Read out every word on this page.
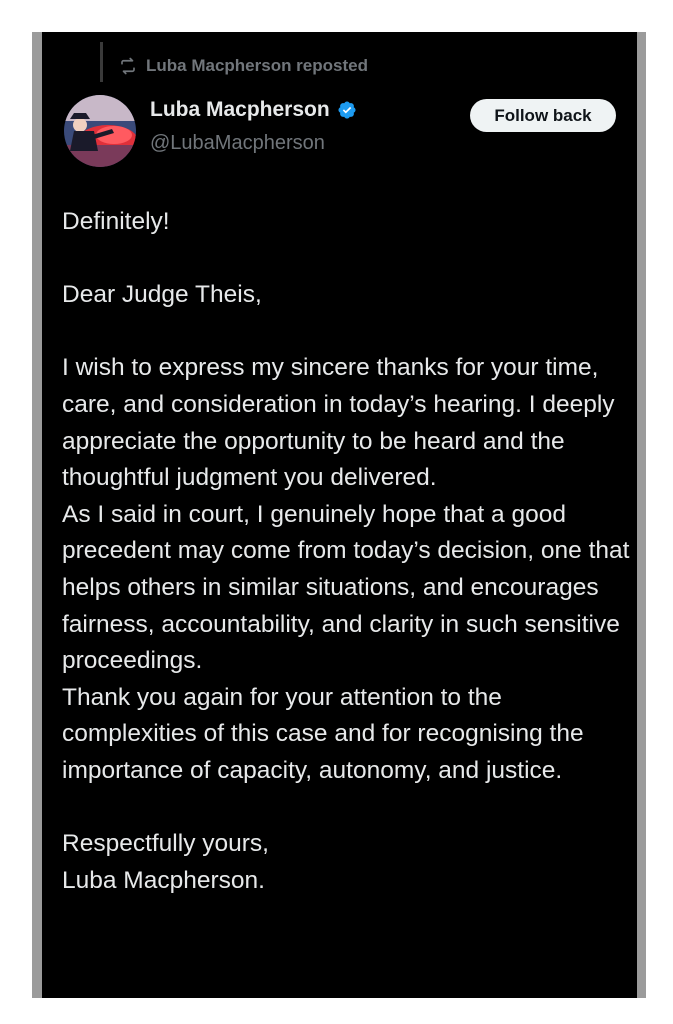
Luba Macpherson reposted
Luba Macpherson
@LubaMacpherson
Follow back

Definitely!

Dear Judge Theis,

I wish to express my sincere thanks for your time, care, and consideration in today’s hearing. I deeply appreciate the opportunity to be heard and the thoughtful judgment you delivered.

As I said in court, I genuinely hope that a good precedent may come from today’s decision, one that helps others in similar situations, and encourages fairness, accountability, and clarity in such sensitive proceedings.

Thank you again for your attention to the complexities of this case and for recognising the importance of capacity, autonomy, and justice.

Respectfully yours,

Luba Macpherson.
